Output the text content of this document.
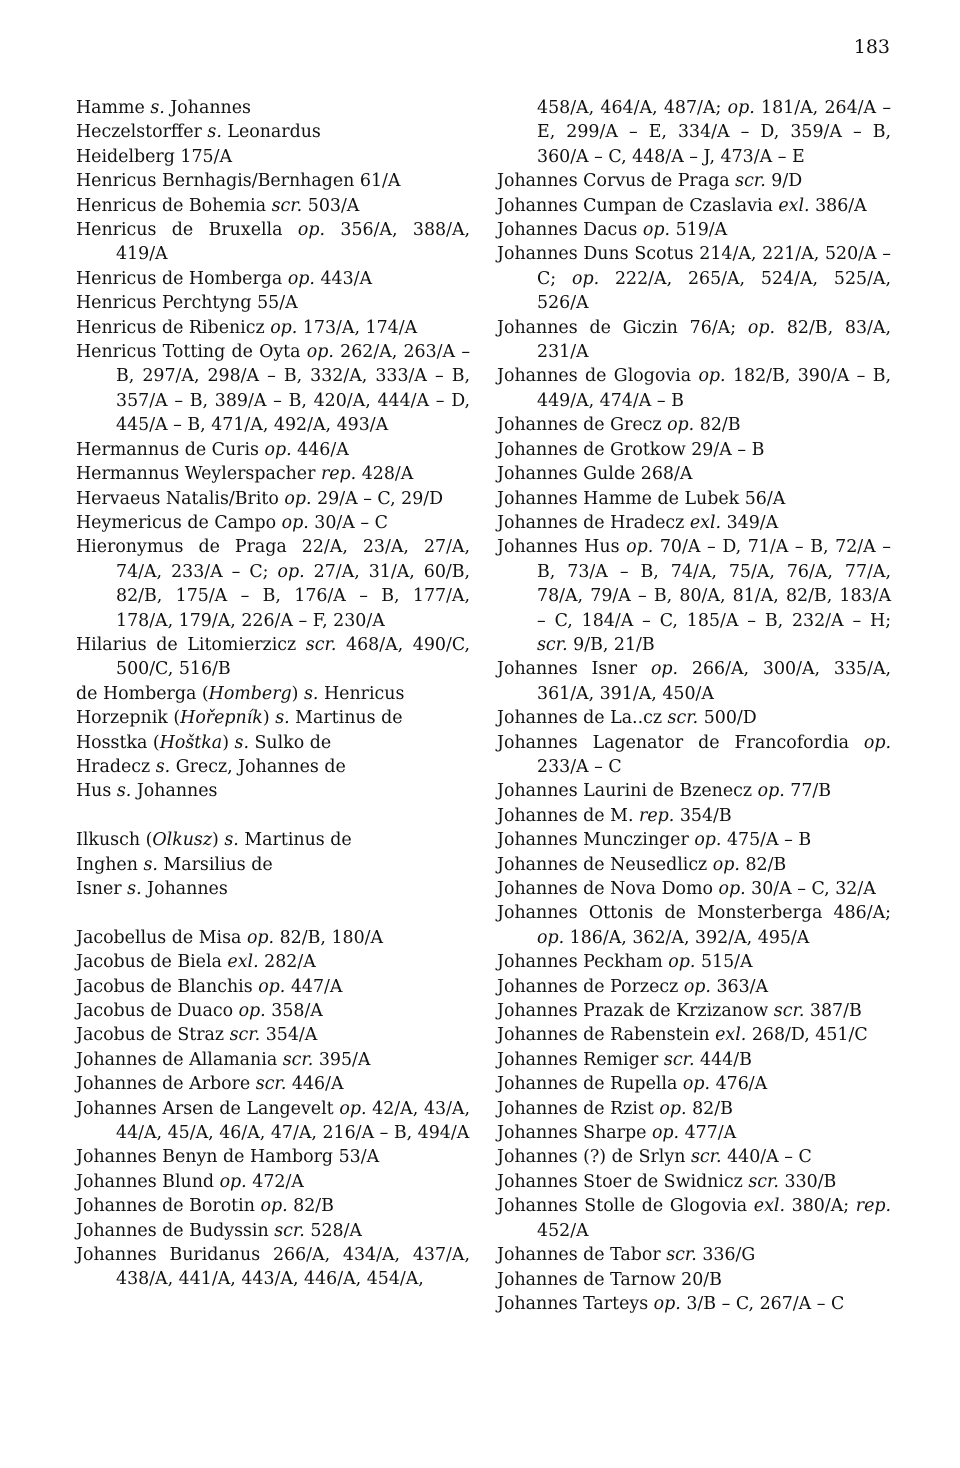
183
Hamme s. Johannes
Heczelstorffer s. Leonardus
Heidelberg 175/A
Henricus Bernhagis/Bernhagen 61/A
Henricus de Bohemia scr. 503/A
Henricus de Bruxella op. 356/A, 388/A, 419/A
Henricus de Homberga op. 443/A
Henricus Perchtyng 55/A
Henricus de Ribenicz op. 173/A, 174/A
Henricus Totting de Oyta op. 262/A, 263/A – B, 297/A, 298/A – B, 332/A, 333/A – B, 357/A – B, 389/A – B, 420/A, 444/A – D, 445/A – B, 471/A, 492/A, 493/A
Hermannus de Curis op. 446/A
Hermannus Weylerspacher rep. 428/A
Hervaeus Natalis/Brito op. 29/A – C, 29/D
Heymericus de Campo op. 30/A – C
Hieronymus de Praga 22/A, 23/A, 27/A, 74/A, 233/A – C; op. 27/A, 31/A, 60/B, 82/B, 175/A – B, 176/A – B, 177/A, 178/A, 179/A, 226/A – F, 230/A
Hilarius de Litomierzicz scr. 468/A, 490/C, 500/C, 516/B
de Homberga (Homberg) s. Henricus
Horzepnik (Hořepník) s. Martinus de
Hosstka (Hoštka) s. Sulko de
Hradecz s. Grecz, Johannes de
Hus s. Johannes
Ilkusch (Olkusz) s. Martinus de
Inghen s. Marsilius de
Isner s. Johannes
Jacobellus de Misa op. 82/B, 180/A
Jacobus de Biela exl. 282/A
Jacobus de Blanchis op. 447/A
Jacobus de Duaco op. 358/A
Jacobus de Straz scr. 354/A
Johannes de Allamania scr. 395/A
Johannes de Arbore scr. 446/A
Johannes Arsen de Langevelt op. 42/A, 43/A, 44/A, 45/A, 46/A, 47/A, 216/A – B, 494/A
Johannes Benyn de Hamborg 53/A
Johannes Blund op. 472/A
Johannes de Borotin op. 82/B
Johannes de Budyssin scr. 528/A
Johannes Buridanus 266/A, 434/A, 437/A, 438/A, 441/A, 443/A, 446/A, 454/A,
458/A, 464/A, 487/A; op. 181/A, 264/A – E, 299/A – E, 334/A – D, 359/A – B, 360/A – C, 448/A – J, 473/A – E
Johannes Corvus de Praga scr. 9/D
Johannes Cumpan de Czaslavia exl. 386/A
Johannes Dacus op. 519/A
Johannes Duns Scotus 214/A, 221/A, 520/A – C; op. 222/A, 265/A, 524/A, 525/A, 526/A
Johannes de Giczin 76/A; op. 82/B, 83/A, 231/A
Johannes de Glogovia op. 182/B, 390/A – B, 449/A, 474/A – B
Johannes de Grecz op. 82/B
Johannes de Grotkow 29/A – B
Johannes Gulde 268/A
Johannes Hamme de Lubek 56/A
Johannes de Hradecz exl. 349/A
Johannes Hus op. 70/A – D, 71/A – B, 72/A – B, 73/A – B, 74/A, 75/A, 76/A, 77/A, 78/A, 79/A – B, 80/A, 81/A, 82/B, 183/A – C, 184/A – C, 185/A – B, 232/A – H; scr. 9/B, 21/B
Johannes Isner op. 266/A, 300/A, 335/A, 361/A, 391/A, 450/A
Johannes de La..cz scr. 500/D
Johannes Lagenator de Francofordia op. 233/A – C
Johannes Laurini de Bzenecz op. 77/B
Johannes de M. rep. 354/B
Johannes Munczinger op. 475/A – B
Johannes de Neusedlicz op. 82/B
Johannes de Nova Domo op. 30/A – C, 32/A
Johannes Ottonis de Monsterberga 486/A; op. 186/A, 362/A, 392/A, 495/A
Johannes Peckham op. 515/A
Johannes de Porzecz op. 363/A
Johannes Prazak de Krzizanow scr. 387/B
Johannes de Rabenstein exl. 268/D, 451/C
Johannes Remiger scr. 444/B
Johannes de Rupella op. 476/A
Johannes de Rzist op. 82/B
Johannes Sharpe op. 477/A
Johannes (?) de Srlyn scr. 440/A – C
Johannes Stoer de Swidnicz scr. 330/B
Johannes Stolle de Glogovia exl. 380/A; rep. 452/A
Johannes de Tabor scr. 336/G
Johannes de Tarnow 20/B
Johannes Tarteys op. 3/B – C, 267/A – C
